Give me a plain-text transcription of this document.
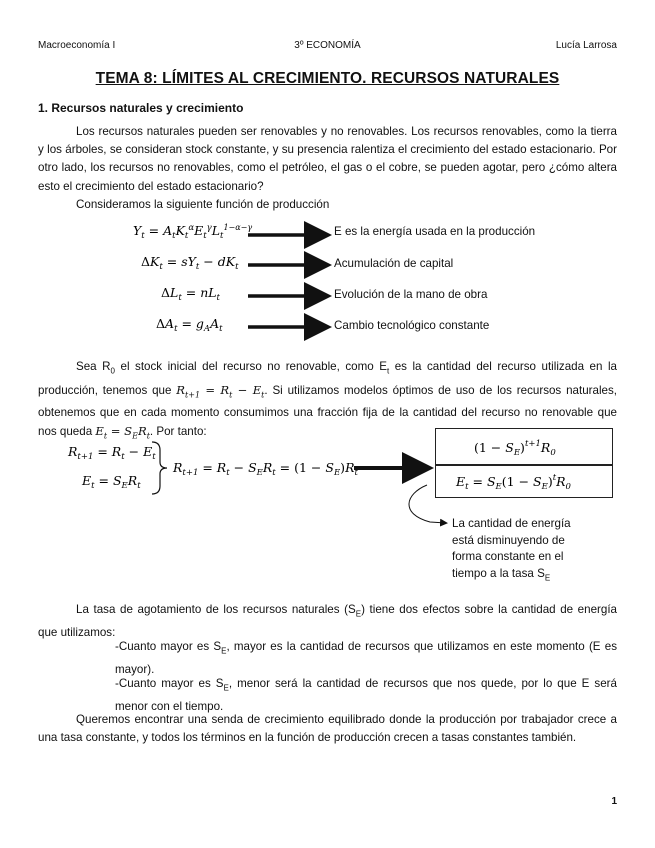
Macroeconomía I	3º ECONOMÍA	Lucía Larrosa
TEMA 8: LÍMITES AL CRECIMIENTO. RECURSOS NATURALES
1. Recursos naturales y crecimiento

Los recursos naturales pueden ser renovables y no renovables. Los recursos renovables, como la tierra y los árboles, se consideran stock constante, y su presencia ralentiza el crecimiento del estado estacionario. Por otro lado, los recursos no renovables, como el petróleo, el gas o el cobre, se pueden agotar, pero ¿cómo altera esto el crecimiento del estado estacionario?

Consideramos la siguiente función de producción

$Y_t = A_tK_t^\alpha E_t^\gamma L_t^{1-\alpha-\gamma}$
$\Delta K_t = sY_t - dK_t$
$\Delta L_t = nL_t$
$\Delta A_t = g_AA_t$
E es la energía usada en la producción
Acumulación de capital
Evolución de la mano de obra
Cambio tecnológico constante

Sea $R_0$ el stock inicial del recurso no renovable, como $E_t$ es la cantidad del recurso utilizada en la producción, tenemos que $R_{t+1} = R_t - E_t$. Si utilizamos modelos óptimos de uso de los recursos naturales, obtenemos que en cada momento consumimos una fracción fija de la cantidad del recurso no renovable que nos queda $E_t = S_ER_t$. Por tanto:

$R_{t+1} = R_t - E_t$
$E_t = S_ER_t$
$R_{t+1} = R_t - S_ER_t = (1 - S_E)R_t$
$(1 - S_E)^{t+1}R_0$
$E_t = S_E(1 - S_E)^tR_0$
La cantidad de energía
está disminuyendo de
forma constante en el
tiempo a la tasa $S_E$

La tasa de agotamiento de los recursos naturales $(S_E)$ tiene dos efectos sobre la cantidad de energía que utilizamos:

-Cuanto mayor es $S_E$, mayor es la cantidad de recursos que utilizamos en este momento (E es mayor).
-Cuanto mayor es $S_E$, menor será la cantidad de recursos que nos quede, por lo que E será menor con el tiempo.

Queremos encontrar una senda de crecimiento equilibrado donde la producción por trabajador crece a una tasa constante, y todos los términos en la función de producción crecen a tasas constantes también.

1
